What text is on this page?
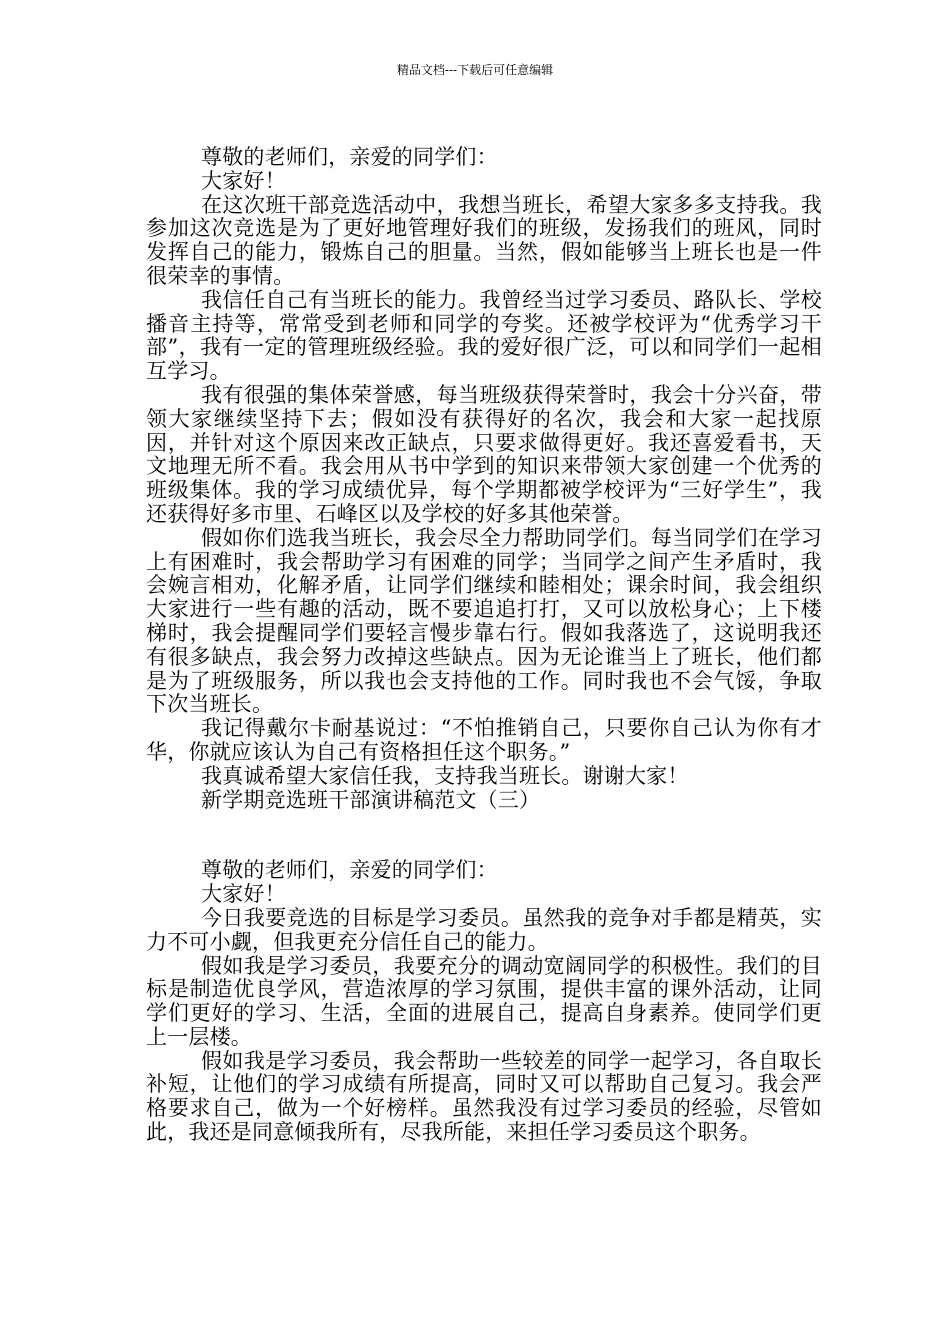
精品文档---下载后可任意编辑

尊敬的老师们，亲爱的同学们：

大家好！

在这次班干部竞选活动中，我想当班长，希望大家多多支持我。我参加这次竞选是为了更好地管理好我们的班级，发扬我们的班风，同时发挥自己的能力，锻炼自己的胆量。当然，假如能够当上班长也是一件很荣幸的事情。

我信任自己有当班长的能力。我曾经当过学习委员、路队长、学校播音主持等，常常受到老师和同学的夸奖。还被学校评为“优秀学习干部”，我有一定的管理班级经验。我的爱好很广泛，可以和同学们一起相互学习。

我有很强的集体荣誉感，每当班级获得荣誉时，我会十分兴奋，带领大家继续坚持下去；假如没有获得好的名次，我会和大家一起找原因，并针对这个原因来改正缺点，只要求做得更好。我还喜爱看书，天文地理无所不看。我会用从书中学到的知识来带领大家创建一个优秀的班级集体。我的学习成绩优异，每个学期都被学校评为“三好学生”，我还获得好多市里、石峰区以及学校的好多其他荣誉。

假如你们选我当班长，我会尽全力帮助同学们。每当同学们在学习上有困难时，我会帮助学习有困难的同学；当同学之间产生矛盾时，我会婉言相劝，化解矛盾，让同学们继续和睦相处；课余时间，我会组织大家进行一些有趣的活动，既不要追追打打，又可以放松身心；上下楼梯时，我会提醒同学们要轻言慢步靠右行。假如我落选了，这说明我还有很多缺点，我会努力改掉这些缺点。因为无论谁当上了班长，他们都是为了班级服务，所以我也会支持他的工作。同时我也不会气馁，争取下次当班长。

我记得戴尔卡耐基说过：“不怕推销自己，只要你自己认为你有才华，你就应该认为自己有资格担任这个职务。”

我真诚希望大家信任我，支持我当班长。谢谢大家！

新学期竞选班干部演讲稿范文（三）

尊敬的老师们，亲爱的同学们：

大家好！

今日我要竞选的目标是学习委员。虽然我的竞争对手都是精英，实力不可小觑，但我更充分信任自己的能力。

假如我是学习委员，我要充分的调动宽阔同学的积极性。我们的目标是制造优良学风，营造浓厚的学习氛围，提供丰富的课外活动，让同学们更好的学习、生活，全面的进展自己，提高自身素养。使同学们更上一层楼。

假如我是学习委员，我会帮助一些较差的同学一起学习，各自取长补短，让他们的学习成绩有所提高，同时又可以帮助自己复习。我会严格要求自己，做为一个好榜样。虽然我没有过学习委员的经验，尽管如此，我还是同意倾我所有，尽我所能，来担任学习委员这个职务。
